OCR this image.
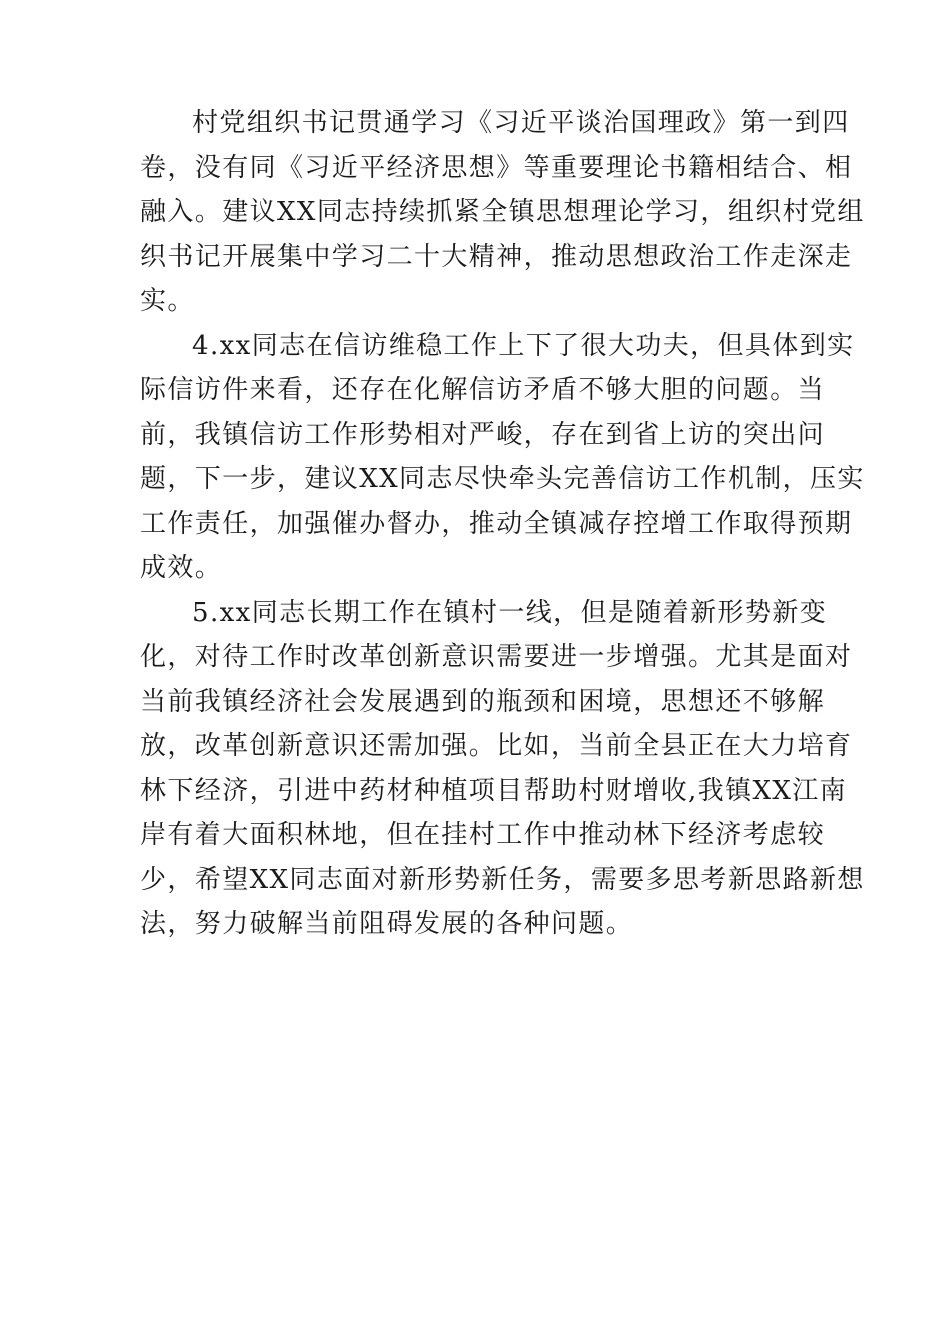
村党组织书记贯通学习《习近平谈治国理政》第一到四
卷，没有同《习近平经济思想》等重要理论书籍相结合、相
融入。建议XX同志持续抓紧全镇思想理论学习，组织村党组
织书记开展集中学习二十大精神，推动思想政治工作走深走
实。
4.xx同志在信访维稳工作上下了很大功夫，但具体到实
际信访件来看，还存在化解信访矛盾不够大胆的问题。当
前，我镇信访工作形势相对严峻，存在到省上访的突出问
题，下一步，建议XX同志尽快牵头完善信访工作机制，压实
工作责任，加强催办督办，推动全镇减存控增工作取得预期
成效。
5.xx同志长期工作在镇村一线，但是随着新形势新变
化，对待工作时改革创新意识需要进一步增强。尤其是面对
当前我镇经济社会发展遇到的瓶颈和困境，思想还不够解
放，改革创新意识还需加强。比如，当前全县正在大力培育
林下经济，引进中药材种植项目帮助村财增收,我镇XX江南
岸有着大面积林地，但在挂村工作中推动林下经济考虑较
少，希望XX同志面对新形势新任务，需要多思考新思路新想
法，努力破解当前阻碍发展的各种问题。
